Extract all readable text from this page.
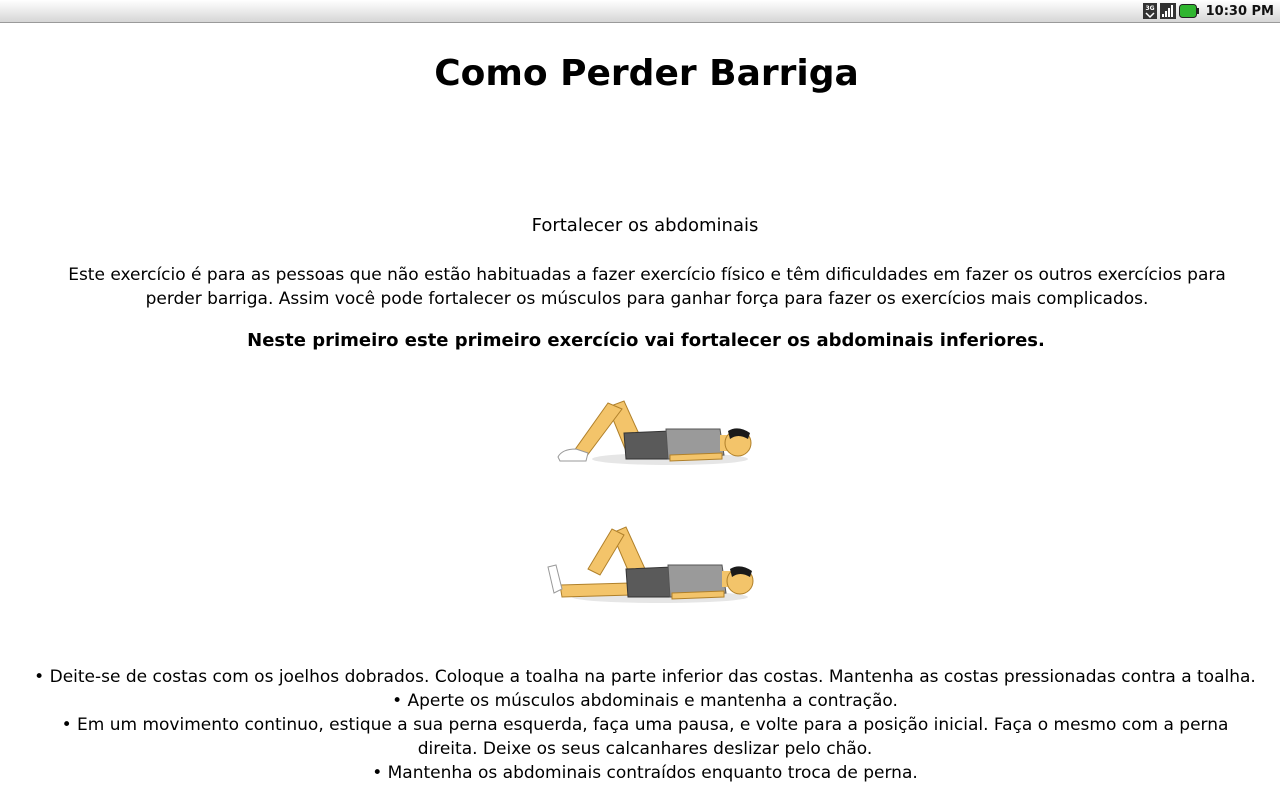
3G	10:30 PM
Como Perder Barriga

Fortalecer os abdominais

Este exercício é para as pessoas que não estão habituadas a fazer exercício físico e têm dificuldades em fazer os outros exercícios para perder barriga. Assim você pode fortalecer os músculos para ganhar força para fazer os exercícios mais complicados.

Neste primeiro este primeiro exercício vai fortalecer os abdominais inferiores.

• Deite-se de costas com os joelhos dobrados. Coloque a toalha na parte inferior das costas. Mantenha as costas pressionadas contra a toalha.
• Aperte os músculos abdominais e mantenha a contração.
• Em um movimento continuo, estique a sua perna esquerda, faça uma pausa, e volte para a posição inicial. Faça o mesmo com a perna direita. Deixe os seus calcanhares deslizar pelo chão.
• Mantenha os abdominais contraídos enquanto troca de perna.
